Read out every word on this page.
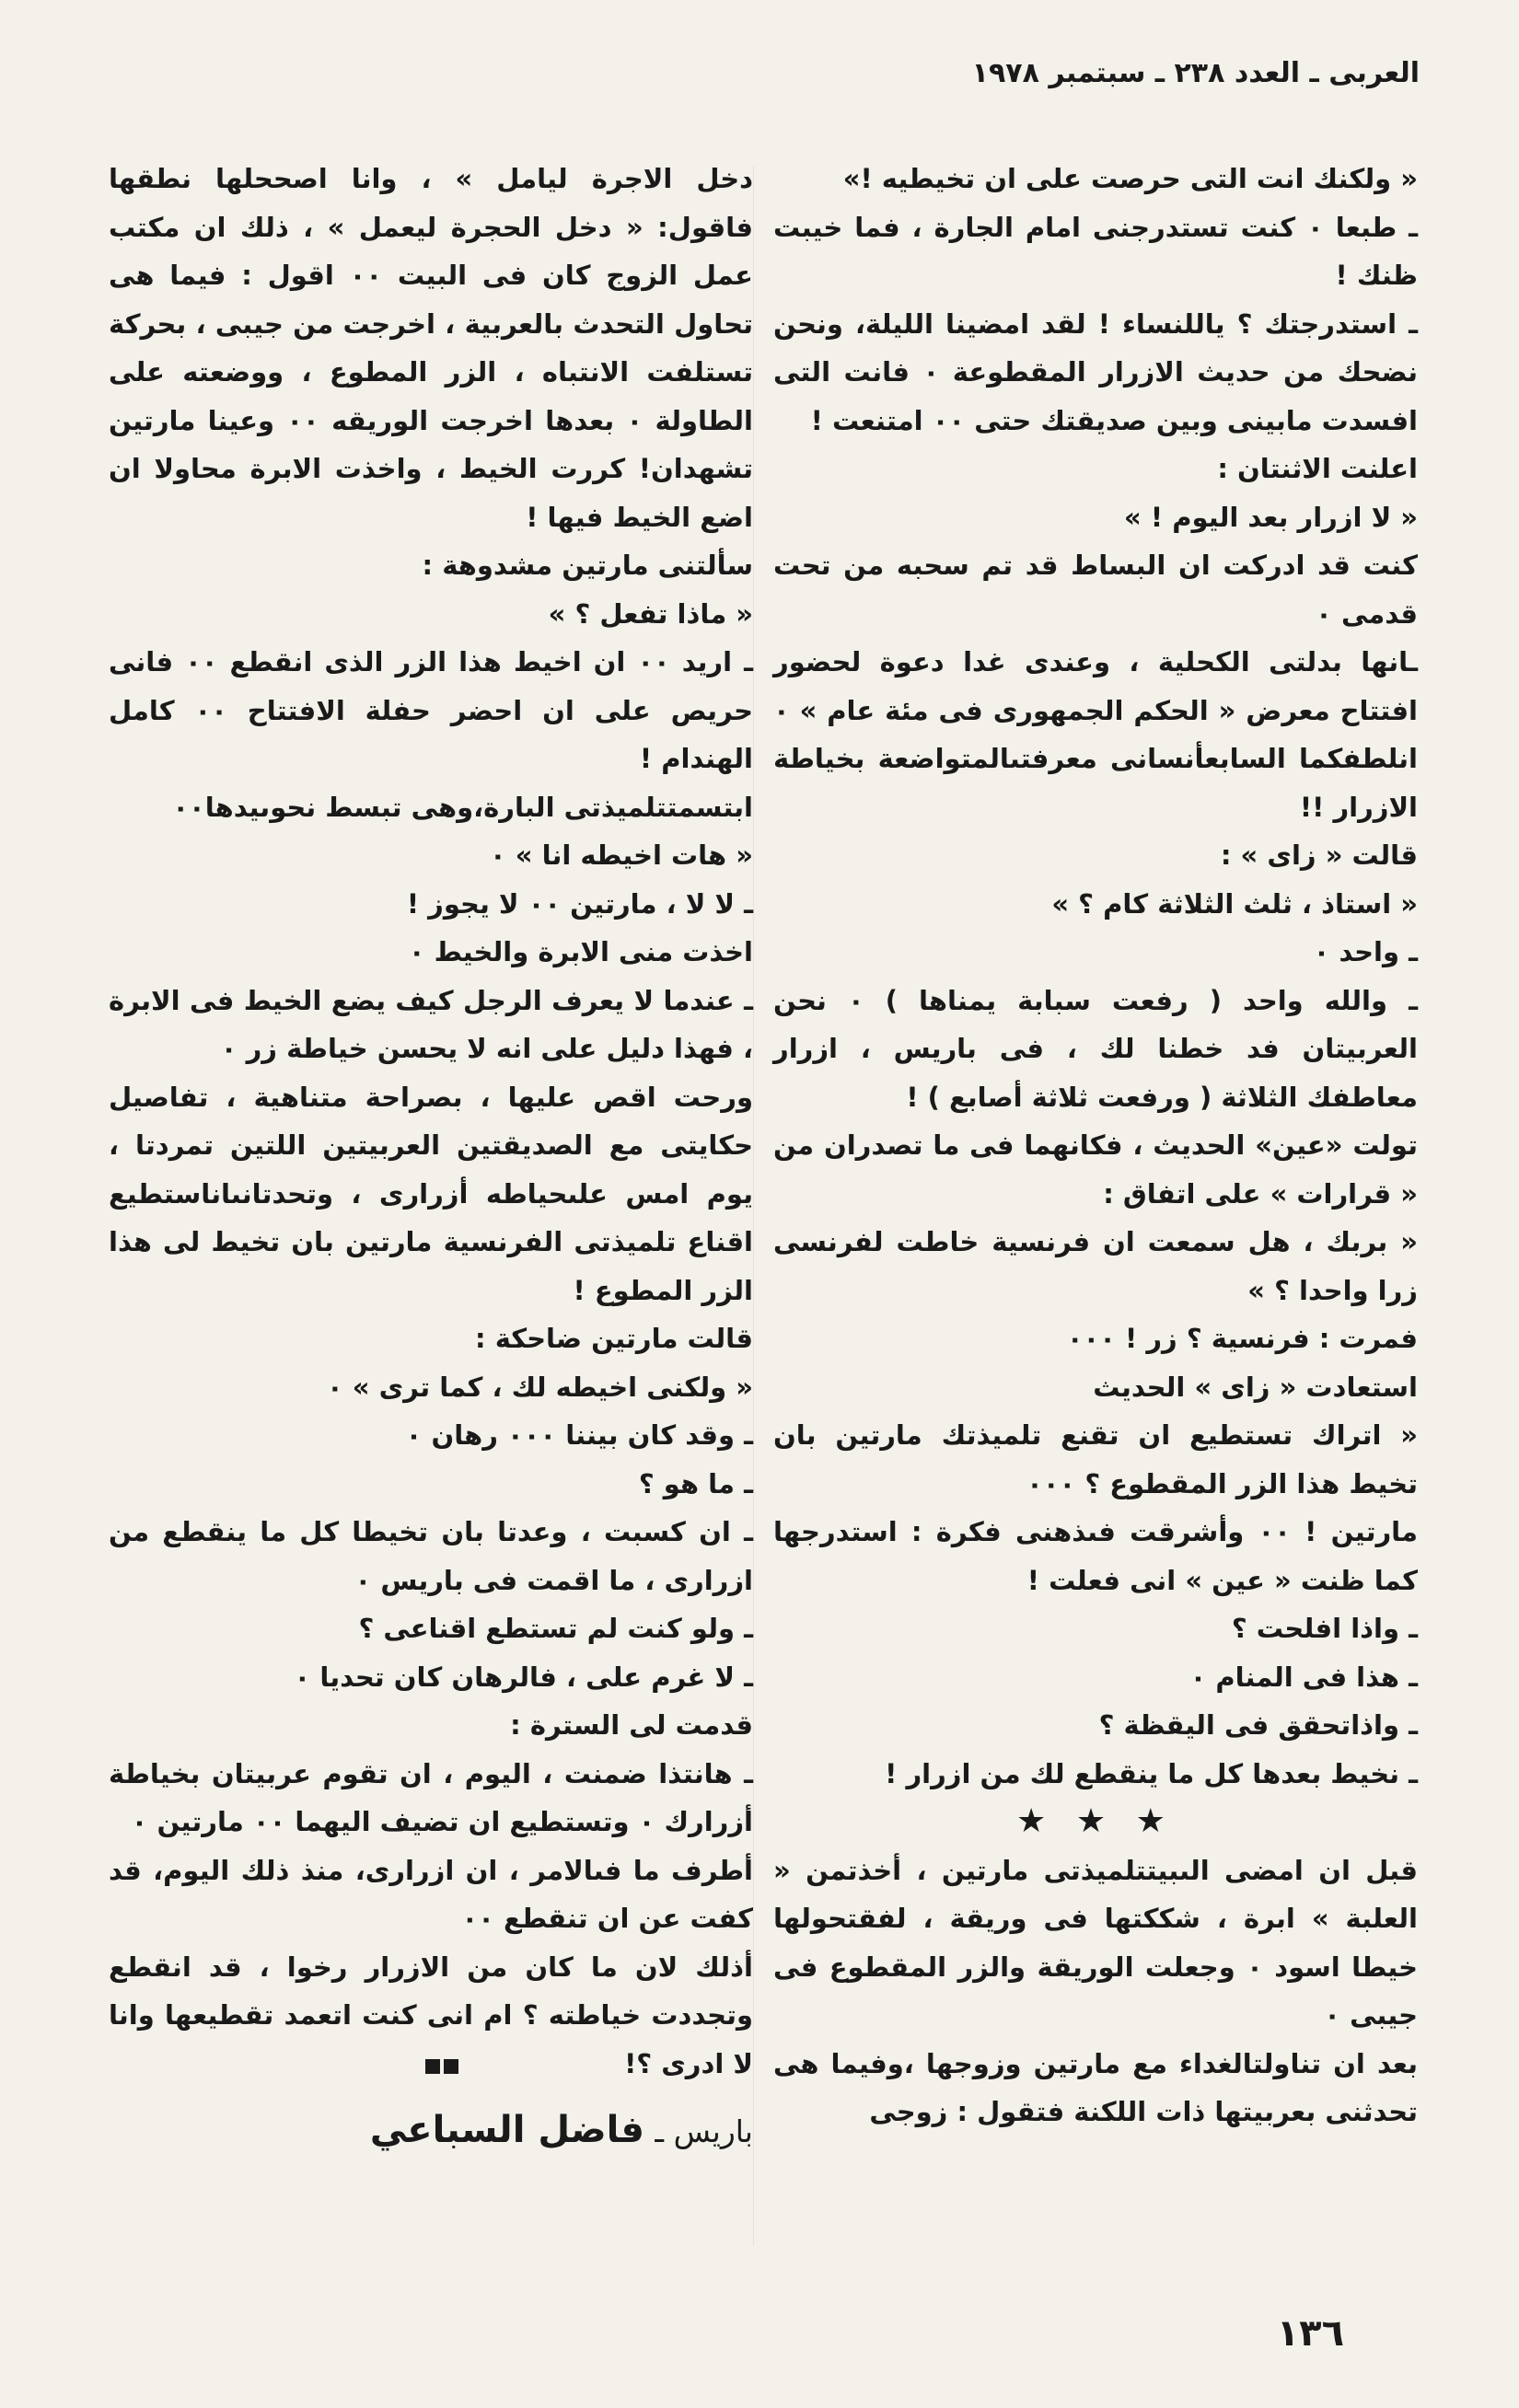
العربى ـ العدد ٢٣٨ ـ سبتمبر ١٩٧٨

« ولكنك انت التى حرصت على ان تخيطيه !»

ـ طبعا ٠ كنت تستدرجنى امام الجارة ، فما خيبت ظنك !

ـ استدرجتك ؟ ياللنساء ! لقد امضينا الليلة، ونحن نضحك من حديث الازرار المقطوعة ٠ فانت التى افسدت مابينى وبين صديقتك حتى ٠٠ امتنعت !

اعلنت الاثنتان :

« لا ازرار بعد اليوم ! »

كنت قد ادركت ان البساط قد تم سحبه من تحت قدمى ٠

ـانها بدلتى الكحلية ، وعندى غدا دعوة لحضور افتتاح معرض « الحكم الجمهورى فى مئة عام » ٠ انلطفكما السابعأنسانى معرفتىالمتواضعة بخياطة الازرار !!

قالت « زاى » :

« استاذ ، ثلث الثلاثة كام ؟ »

ـ واحد ٠

ـ والله واحد ( رفعت سبابة يمناها ) ٠ نحن العربيتان فد خطنا لك ، فى باريس ، ازرار معاطفك الثلاثة ( ورفعت ثلاثة أصابع ) !

تولت «عين» الحديث ، فكانهما فى ما تصدران من « قرارات » على اتفاق :

« بربك ، هل سمعت ان فرنسية خاطت لفرنسى زرا واحدا ؟ »

فمرت : فرنسية ؟ زر ! ٠٠٠

استعادت « زاى » الحديث

« اتراك تستطيع ان تقنع تلميذتك مارتين بان تخيط هذا الزر المقطوع ؟ ٠٠٠

مارتين ! ٠٠ وأشرقت فىذهنى فكرة : استدرجها كما ظنت « عين » انى فعلت !

ـ واذا افلحت ؟

ـ هذا فى المنام ٠

ـ واذاتحقق فى اليقظة ؟

ـ نخيط بعدها كل ما ينقطع لك من ازرار !

★ ★ ★

قبل ان امضى الىبيتتلميذتى مارتين ، أخذتمن « العلبة » ابرة ، شككتها فى وريقة ، لفقتحولها خيطا اسود ٠ وجعلت الوريقة والزر المقطوع فى جيبى ٠

بعد ان تناولتالغداء مع مارتين وزوجها ،وفيما هى تحدثنى بعربيتها ذات اللكنة فتقول : زوجى

دخل الاجرة ليامل » ، وانا اصححلها نطقها فاقول: « دخل الحجرة ليعمل » ، ذلك ان مكتب عمل الزوج كان فى البيت ٠٠ اقول : فيما هى تحاول التحدث بالعربية ، اخرجت من جيبى ، بحركة تستلفت الانتباه ، الزر المطوع ، ووضعته على الطاولة ٠ بعدها اخرجت الوريقه ٠٠ وعينا مارتين تشهدان! كررت الخيط ، واخذت الابرة محاولا ان اضع الخيط فيها !

سألتنى مارتين مشدوهة :

« ماذا تفعل ؟ »

ـ اريد ٠٠ ان اخيط هذا الزر الذى انقطع ٠٠ فانى حريص على ان احضر حفلة الافتتاح ٠٠ كامل الهندام !

ابتسمتتلميذتى البارة،وهى تبسط نحوىيدها٠٠

« هات اخيطه انا » ٠

ـ لا لا ، مارتين ٠٠ لا يجوز !

اخذت منى الابرة والخيط ٠

ـ عندما لا يعرف الرجل كيف يضع الخيط فى الابرة ، فهذا دليل على انه لا يحسن خياطة زر ٠

ورحت اقص عليها ، بصراحة متناهية ، تفاصيل حكايتى مع الصديقتين العربيتين اللتين تمردتا ، يوم امس علىحياطه أزرارى ، وتحدتانىاناستطيع اقناع تلميذتى الفرنسية مارتين بان تخيط لى هذا الزر المطوع !

قالت مارتين ضاحكة :

« ولكنى اخيطه لك ، كما ترى » ٠

ـ وقد كان بيننا ٠٠٠ رهان ٠

ـ ما هو ؟

ـ ان كسبت ، وعدتا بان تخيطا كل ما ينقطع من ازرارى ، ما اقمت فى باريس ٠

ـ ولو كنت لم تستطع اقناعى ؟

ـ لا غرم على ، فالرهان كان تحديا ٠

قدمت لى السترة :

ـ هانتذا ضمنت ، اليوم ، ان تقوم عربيتان بخياطة أزرارك ٠ وتستطيع ان تضيف اليهما ٠٠ مارتين ٠

أطرف ما فىالامر ، ان ازرارى، منذ ذلك اليوم، قد كفت عن ان تنقطع ٠٠

أذلك لان ما كان من الازرار رخوا ، قد انقطع وتجددت خياطته ؟ ام انى كنت اتعمد تقطيعها وانا لا ادرى ؟!

باريس ـ فاضل السباعي
١٣٦
